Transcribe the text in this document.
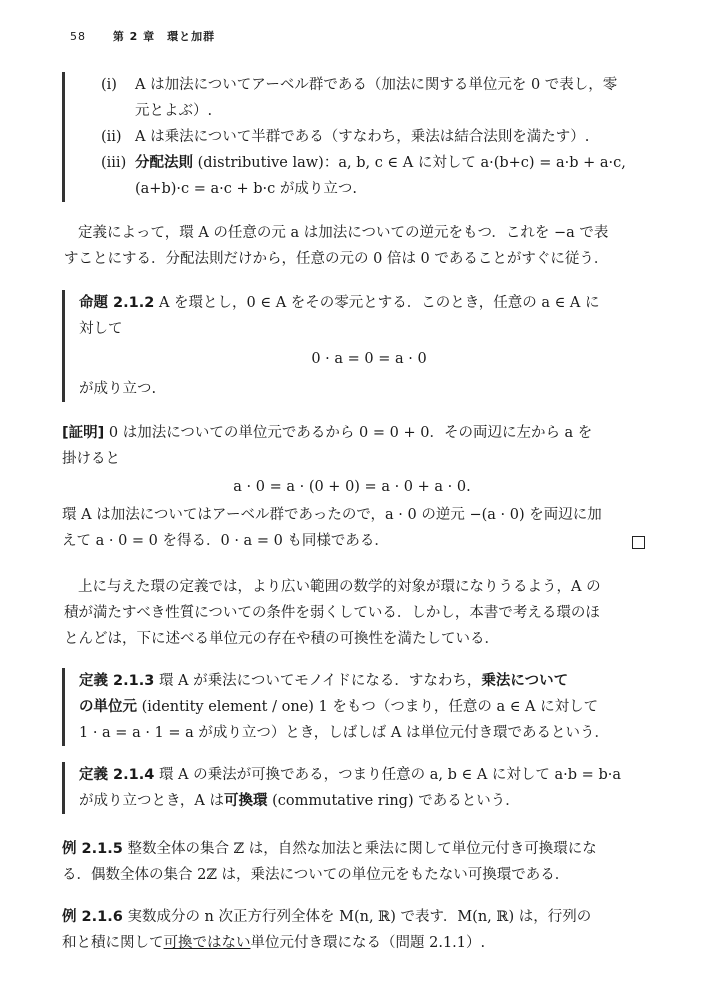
58 第 2 章　環と加群
(i) A は加法についてアーベル群である（加法に関する単位元を 0 で表し，零
元とよぶ）.
(ii) A は乗法について半群である（すなわち，乗法は結合法則を満たす）.
(iii) 分配法則 (distributive law)：a, b, c ∈ A に対して a·(b+c) = a·b + a·c,
(a+b)·c = a·c + b·c が成り立つ.
定義によって，環 A の任意の元 a は加法についての逆元をもつ．これを −a で表
すことにする．分配法則だけから，任意の元の 0 倍は 0 であることがすぐに従う．
命題 2.1.2 A を環とし，0 ∈ A をその零元とする．このとき，任意の a ∈ A に
対して
0 · a = 0 = a · 0
が成り立つ.
[証明] 0 は加法についての単位元であるから 0 = 0 + 0．その両辺に左から a を
掛けると
a · 0 = a · (0 + 0) = a · 0 + a · 0.
環 A は加法についてはアーベル群であったので，a · 0 の逆元 −(a · 0) を両辺に加
えて a · 0 = 0 を得る．0 · a = 0 も同様である．
上に与えた環の定義では，より広い範囲の数学的対象が環になりうるよう，A の
積が満たすべき性質についての条件を弱くしている．しかし，本書で考える環のほ
とんどは，下に述べる単位元の存在や積の可換性を満たしている．
定義 2.1.3 環 A が乗法についてモノイドになる．すなわち，乗法について
の単位元 (identity element / one) 1 をもつ（つまり，任意の a ∈ A に対して
1 · a = a · 1 = a が成り立つ）とき，しばしば A は単位元付き環であるという．
定義 2.1.4 環 A の乗法が可換である，つまり任意の a, b ∈ A に対して a·b = b·a
が成り立つとき，A は可換環 (commutative ring) であるという．
例 2.1.5 整数全体の集合 ℤ は，自然な加法と乗法に関して単位元付き可換環にな
る．偶数全体の集合 2ℤ は，乗法についての単位元をもたない可換環である．
例 2.1.6 実数成分の n 次正方行列全体を M(n, ℝ) で表す．M(n, ℝ) は，行列の
和と積に関して可換ではない単位元付き環になる（問題 2.1.1）.
